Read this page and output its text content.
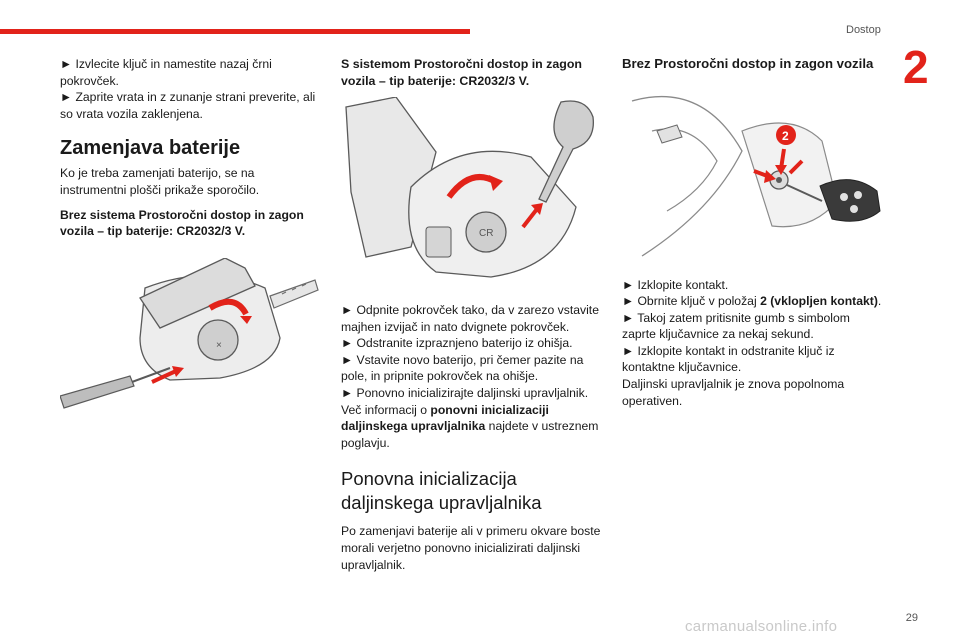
Dostop
2

► Izvlecite ključ in namestite nazaj črni pokrovček.

► Zaprite vrata in z zunanje strani preverite, ali so vrata vozila zaklenjena.

Zamenjava baterije

Ko je treba zamenjati baterijo, se na instrumentni plošči prikaže sporočilo.

Brez sistema Prostoročni dostop in zagon vozila – tip baterije: CR2032/3 V.

×

S sistemom Prostoročni dostop in zagon vozila – tip baterije: CR2032/3 V.

CR

► Odpnite pokrovček tako, da v zarezo vstavite majhen izvijač in nato dvignete pokrovček.

► Odstranite izpraznjeno baterijo iz ohišja.

► Vstavite novo baterijo, pri čemer pazite na pole, in pripnite pokrovček na ohišje.

► Ponovno inicializirajte daljinski upravljalnik.

Več informacij o ponovni inicializaciji daljinskega upravljalnika najdete v ustreznem poglavju.

Ponovna inicializacija daljinskega upravljalnika

Po zamenjavi baterije ali v primeru okvare boste morali verjetno ponovno inicializirati daljinski upravljalnik.

Brez Prostoročni dostop in zagon vozila

2

► Izklopite kontakt.

► Obrnite ključ v položaj 2 (vklopljen kontakt).

► Takoj zatem pritisnite gumb s simbolom zaprte ključavnice za nekaj sekund.

► Izklopite kontakt in odstranite ključ iz kontaktne ključavnice.

Daljinski upravljalnik je znova popolnoma operativen.

29
carmanualsonline.info
